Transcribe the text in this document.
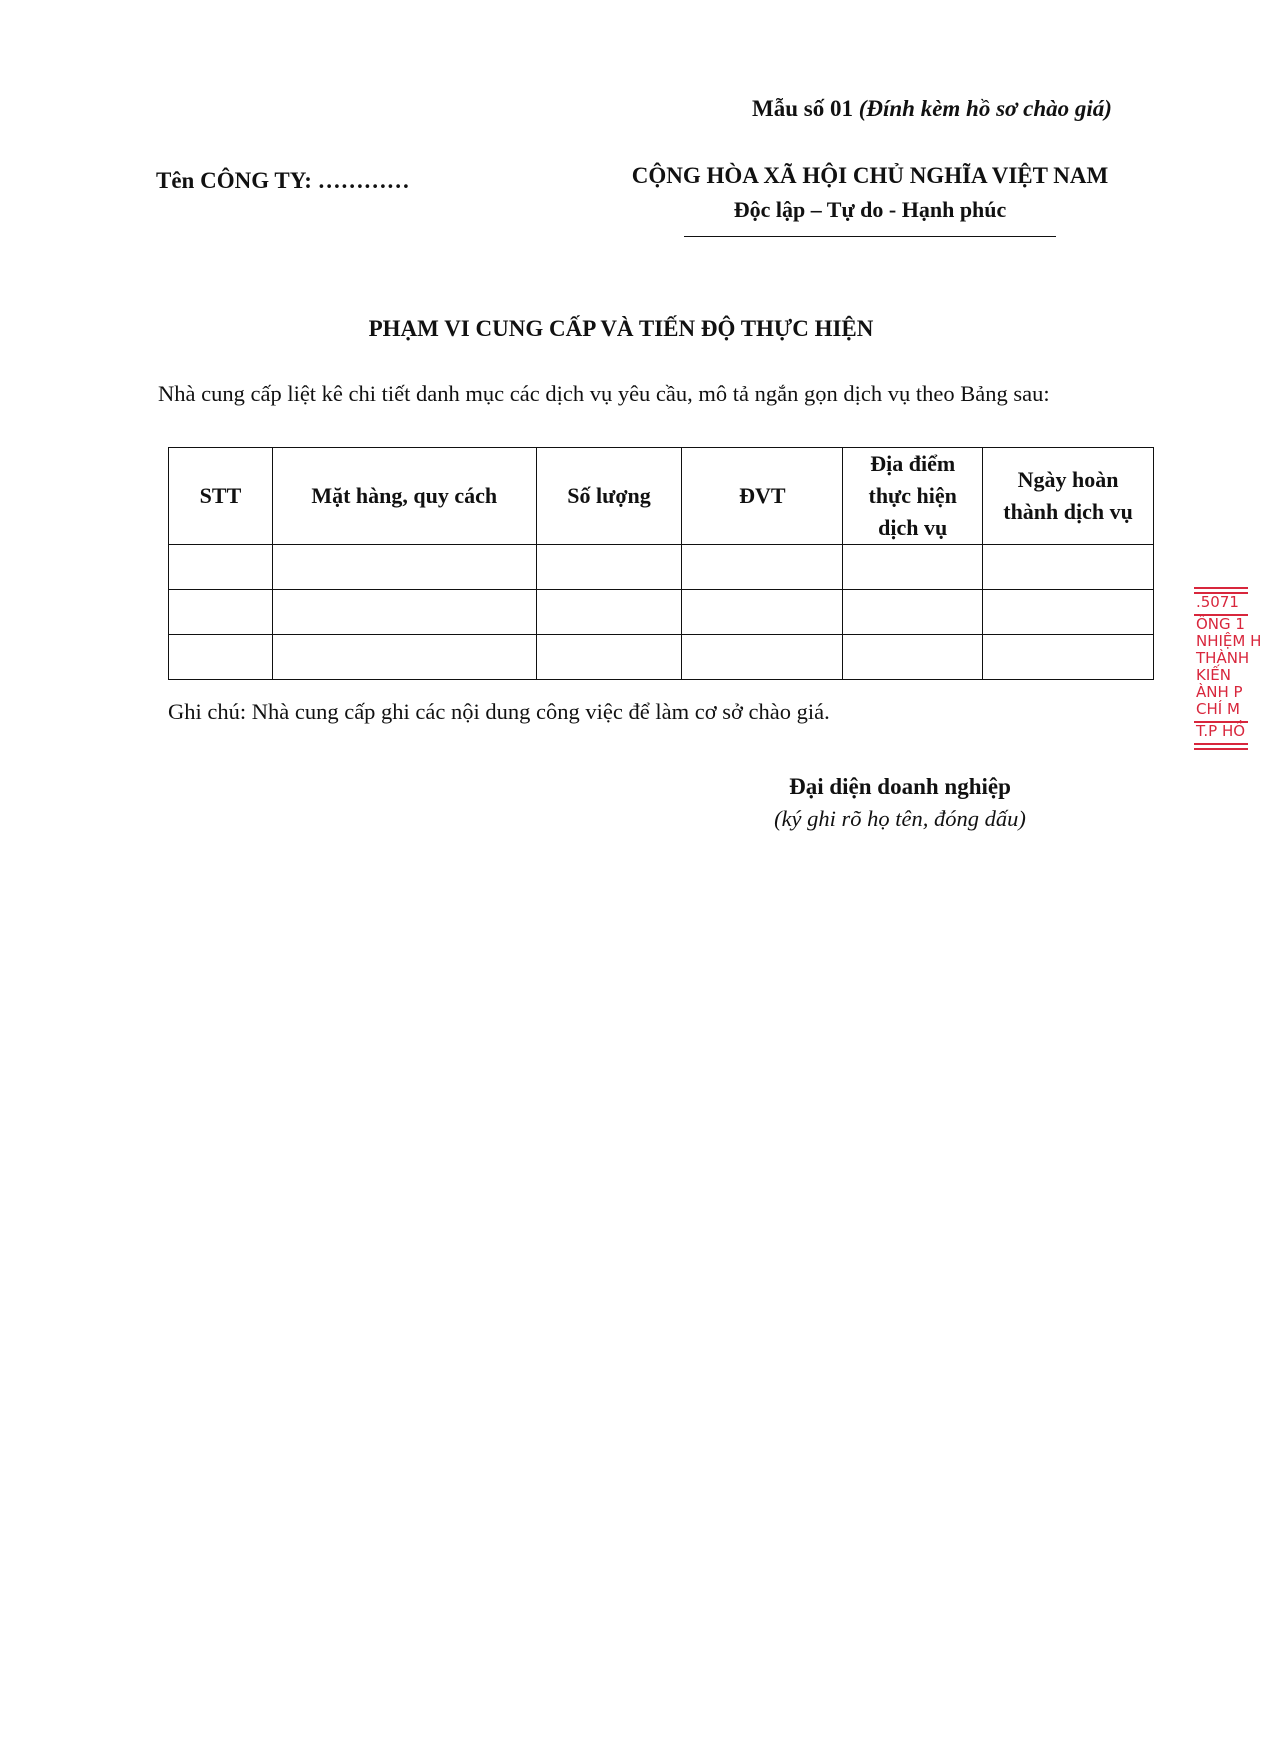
Mẫu số 01 (Đính kèm hồ sơ chào giá)
Tên CÔNG TY: …………	CỘNG HÒA XÃ HỘI CHỦ NGHĨA VIỆT NAM
Độc lập – Tự do - Hạnh phúc
PHẠM VI CUNG CẤP VÀ TIẾN ĐỘ THỰC HIỆN
Nhà cung cấp liệt kê chi tiết danh mục các dịch vụ yêu cầu, mô tả ngắn gọn dịch vụ theo Bảng sau:
STT	Mặt hàng, quy cách	Số lượng	ĐVT	Địa điểm thực hiện dịch vụ	Ngày hoàn thành dịch vụ

Ghi chú: Nhà cung cấp ghi các nội dung công việc để làm cơ sở chào giá.
Đại diện doanh nghiệp
(ký ghi rõ họ tên, đóng dấu)
.5071
ÔNG 1
NHIỆM H
THÀNH
KIẾN
ÀNH P
CHÍ M
T.P HỒ
